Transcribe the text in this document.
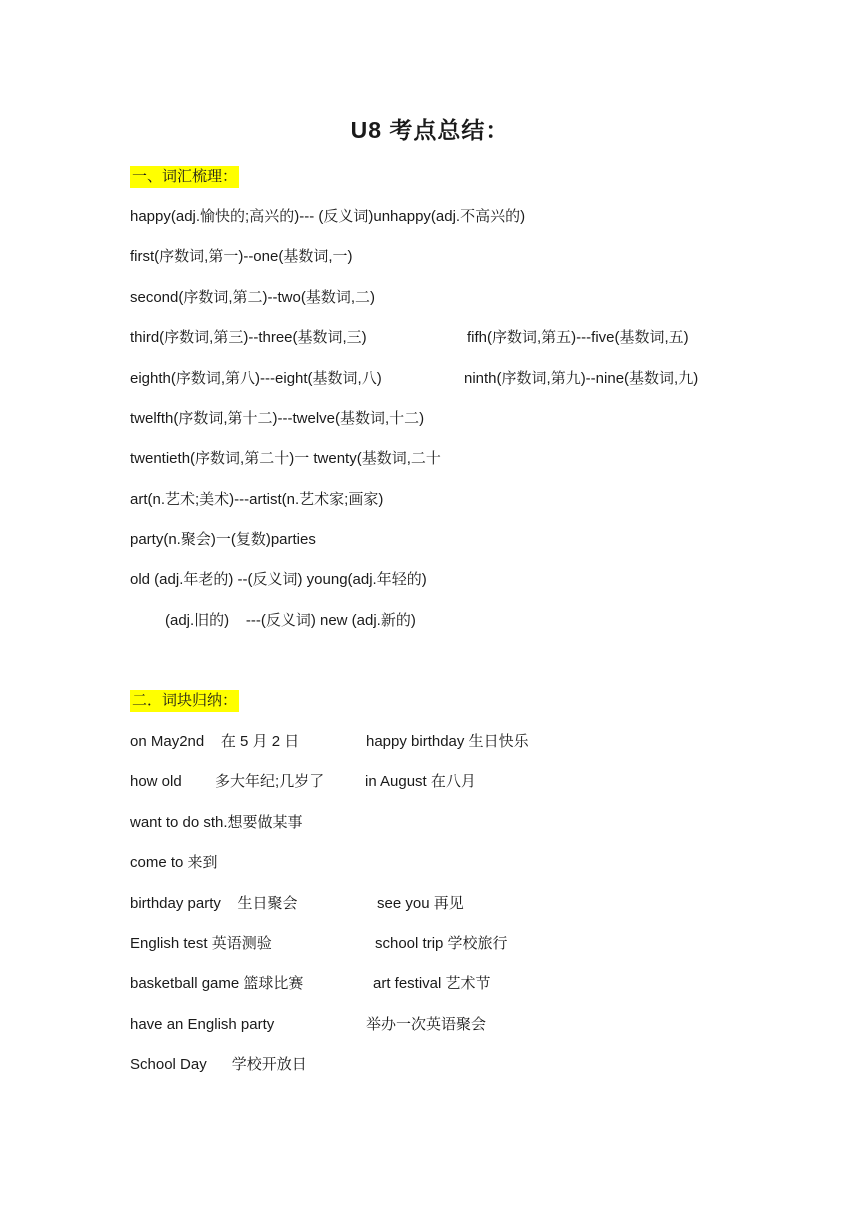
U8 考点总结：
一、词汇梳理：
happy(adj.愉快的;高兴的)--- (反义词)unhappy(adj.不高兴的)
first(序数词,第一)--one(基数词,一)
second(序数词,第二)--two(基数词,二)
third(序数词,第三)--three(基数词,三)	fifh(序数词,第五)---five(基数词,五)
eighth(序数词,第八)---eight(基数词,八)	ninth(序数词,第九)--nine(基数词,九)
twelfth(序数词,第十二)---twelve(基数词,十二)
twentieth(序数词,第二十)一 twenty(基数词,二十
art(n.艺术;美术)---artist(n.艺术家;画家)
party(n.聚会)一(复数)parties
old (adj.年老的) --(反义词) young(adj.年轻的)
(adj.旧的)    ---(反义词) new (adj.新的)
二．词块归纳：
on May2nd    在 5 月 2 日	happy birthday 生日快乐
how old        多大年纪;几岁了	in August 在八月
want to do sth.想要做某事
come to 来到
birthday party    生日聚会	see you 再见
English test 英语测验	school trip 学校旅行
basketball game 篮球比赛	art festival 艺术节
have an English party	举办一次英语聚会
School Day      学校开放日
